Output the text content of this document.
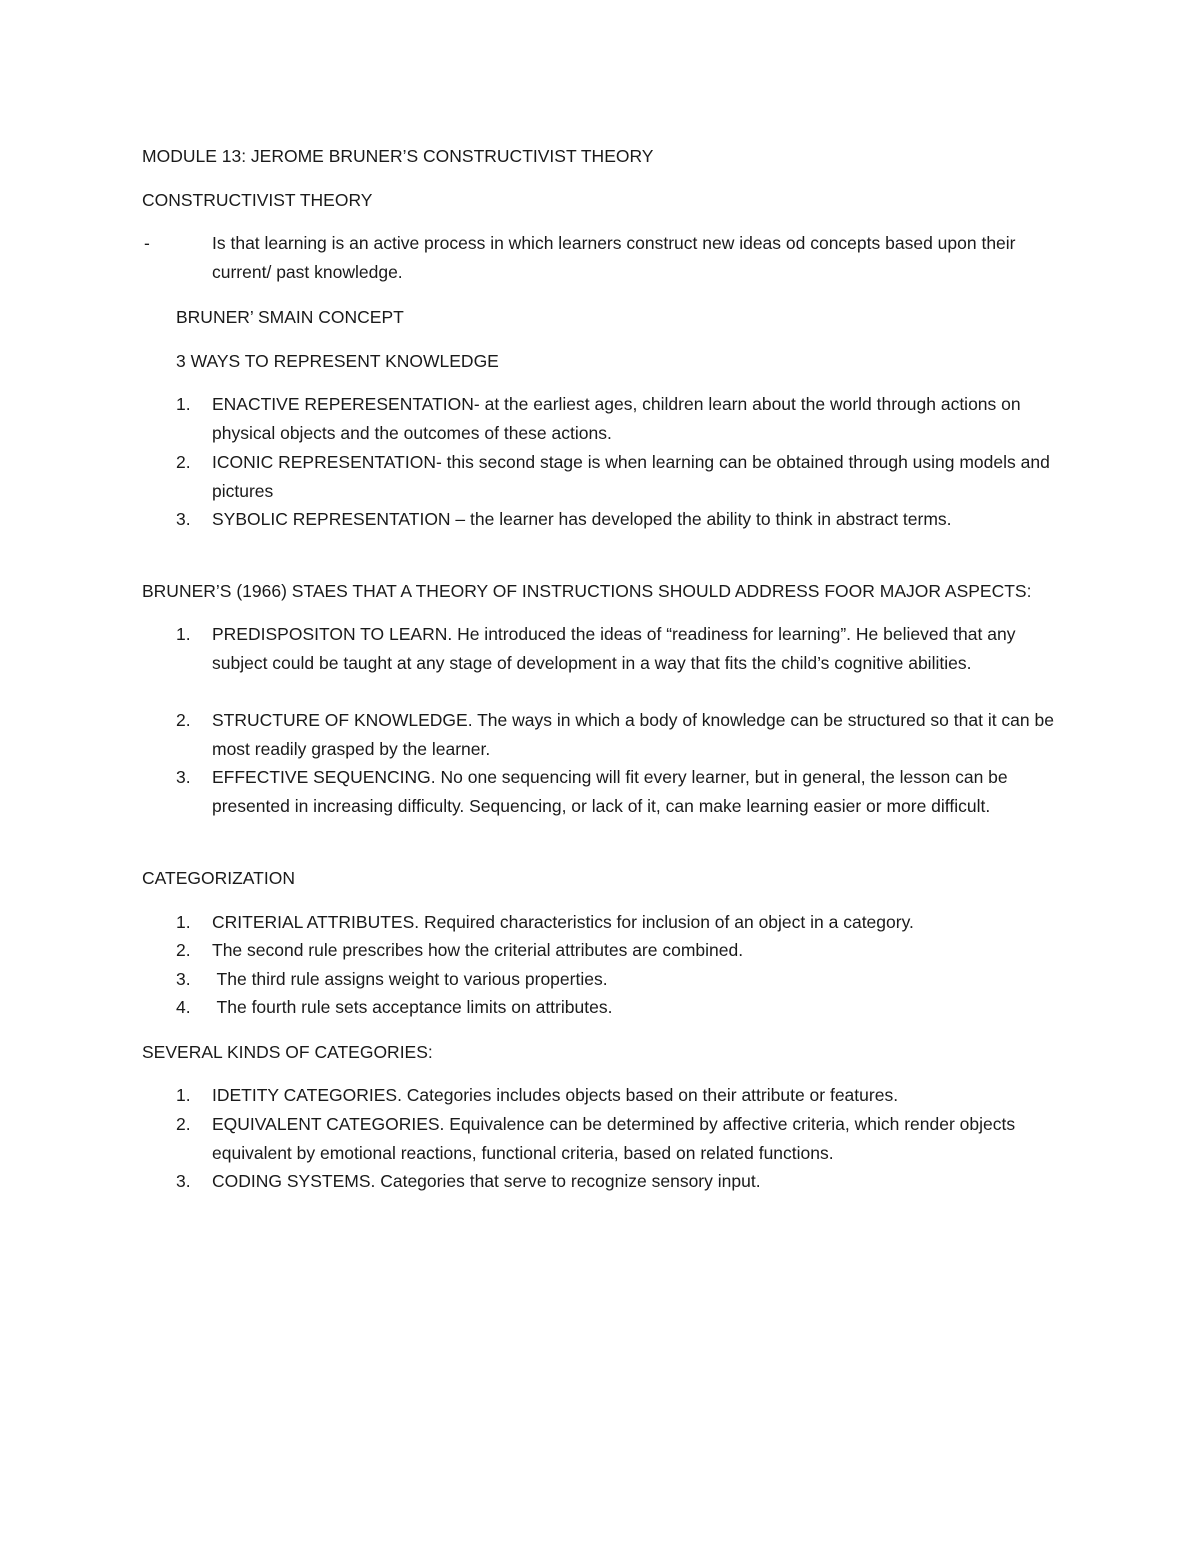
MODULE 13: JEROME BRUNER’S CONSTRUCTIVIST THEORY
CONSTRUCTIVIST THEORY
-	Is that learning is an active process in which learners construct new ideas od concepts based upon their current/ past knowledge.
BRUNER’ SMAIN CONCEPT
3 WAYS TO REPRESENT KNOWLEDGE
1.	ENACTIVE REPERESENTATION- at the earliest ages, children learn about the world through actions on physical objects and the outcomes of these actions.
2.	ICONIC REPRESENTATION- this second stage is when learning can be obtained through using models and pictures
3.	SYBOLIC REPRESENTATION – the learner has developed the ability to think in abstract terms.
BRUNER’S (1966) STAES THAT A THEORY OF INSTRUCTIONS SHOULD ADDRESS FOOR MAJOR ASPECTS:
1.	PREDISPOSITON TO LEARN. He introduced the ideas of “readiness for learning”. He believed that any subject could be taught at any stage of development in a way that fits the child’s cognitive abilities.
2.	STRUCTURE OF KNOWLEDGE. The ways in which a body of knowledge can be structured so that it can be most readily grasped by the learner.
3.	EFFECTIVE SEQUENCING. No one sequencing will fit every learner, but in general, the lesson can be presented in increasing difficulty. Sequencing, or lack of it, can make learning easier or more difficult.
CATEGORIZATION
1.	CRITERIAL ATTRIBUTES. Required characteristics for inclusion of an object in a category.
2.	The second rule prescribes how the criterial attributes are combined.
3.	The third rule assigns weight to various properties.
4.	The fourth rule sets acceptance limits on attributes.
SEVERAL KINDS OF CATEGORIES:
1.	IDETITY CATEGORIES. Categories includes objects based on their attribute or features.
2.	EQUIVALENT CATEGORIES. Equivalence can be determined by affective criteria, which render objects equivalent by emotional reactions, functional criteria, based on related functions.
3.	CODING SYSTEMS. Categories that serve to recognize sensory input.
